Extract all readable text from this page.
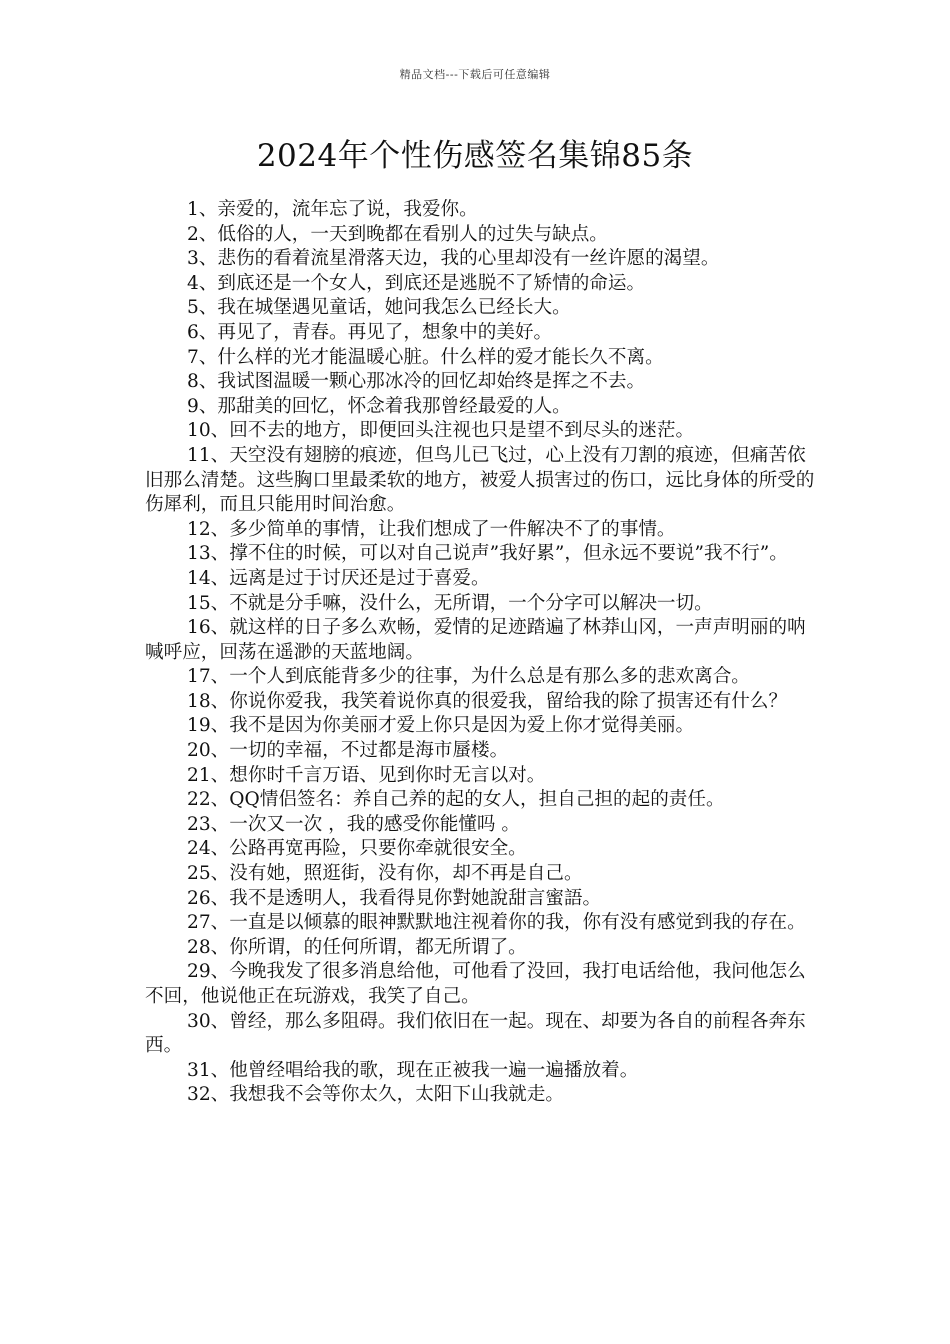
精品文档---下载后可任意编辑
2024年个性伤感签名集锦85条

1、亲爱的，流年忘了说，我爱你。

2、低俗的人，一天到晚都在看别人的过失与缺点。

3、悲伤的看着流星滑落天边，我的心里却没有一丝许愿的渴望。

4、到底还是一个女人，到底还是逃脱不了矫情的命运。

5、我在城堡遇见童话，她问我怎么已经长大。

6、再见了，青春。再见了，想象中的美好。

7、什么样的光才能温暖心脏。什么样的爱才能长久不离。

8、我试图温暖一颗心那冰冷的回忆却始终是挥之不去。

9、那甜美的回忆，怀念着我那曾经最爱的人。

10、回不去的地方，即便回头注视也只是望不到尽头的迷茫。

11、天空没有翅膀的痕迹，但鸟儿已飞过，心上没有刀割的痕迹，但痛苦依旧那么清楚。这些胸口里最柔软的地方，被爱人损害过的伤口，远比身体的所受的伤犀利，而且只能用时间治愈。

12、多少简单的事情，让我们想成了一件解决不了的事情。

13、撑不住的时候，可以对自己说声”我好累”，但永远不要说”我不行”。

14、远离是过于讨厌还是过于喜爱。

15、不就是分手嘛，没什么，无所谓，一个分字可以解决一切。

16、就这样的日子多么欢畅，爱情的足迹踏遍了林莽山冈，一声声明丽的呐喊呼应，回荡在遥渺的天蓝地阔。

17、一个人到底能背多少的往事，为什么总是有那么多的悲欢离合。

18、你说你爱我，我笑着说你真的很爱我，留给我的除了损害还有什么？

19、我不是因为你美丽才爱上你只是因为爱上你才觉得美丽。

20、一切的幸福，不过都是海市蜃楼。

21、想你时千言万语、见到你时无言以对。

22、QQ情侣签名：养自己养的起的女人，担自己担的起的责任。

23、一次又一次 ，我的感受你能懂吗 。

24、公路再宽再险，只要你牵就很安全。

25、没有她，照逛街，没有你，却不再是自己。

26、我不是透明人，我看得見你對她說甜言蜜語。

27、一直是以倾慕的眼神默默地注视着你的我，你有没有感觉到我的存在。

28、你所谓，的任何所谓，都无所谓了。

29、今晚我发了很多消息给他，可他看了没回，我打电话给他，我问他怎么不回，他说他正在玩游戏，我笑了自己。

30、曾经，那么多阻碍。我们依旧在一起。现在、却要为各自的前程各奔东西。

31、他曾经唱给我的歌，现在正被我一遍一遍播放着。

32、我想我不会等你太久，太阳下山我就走。
